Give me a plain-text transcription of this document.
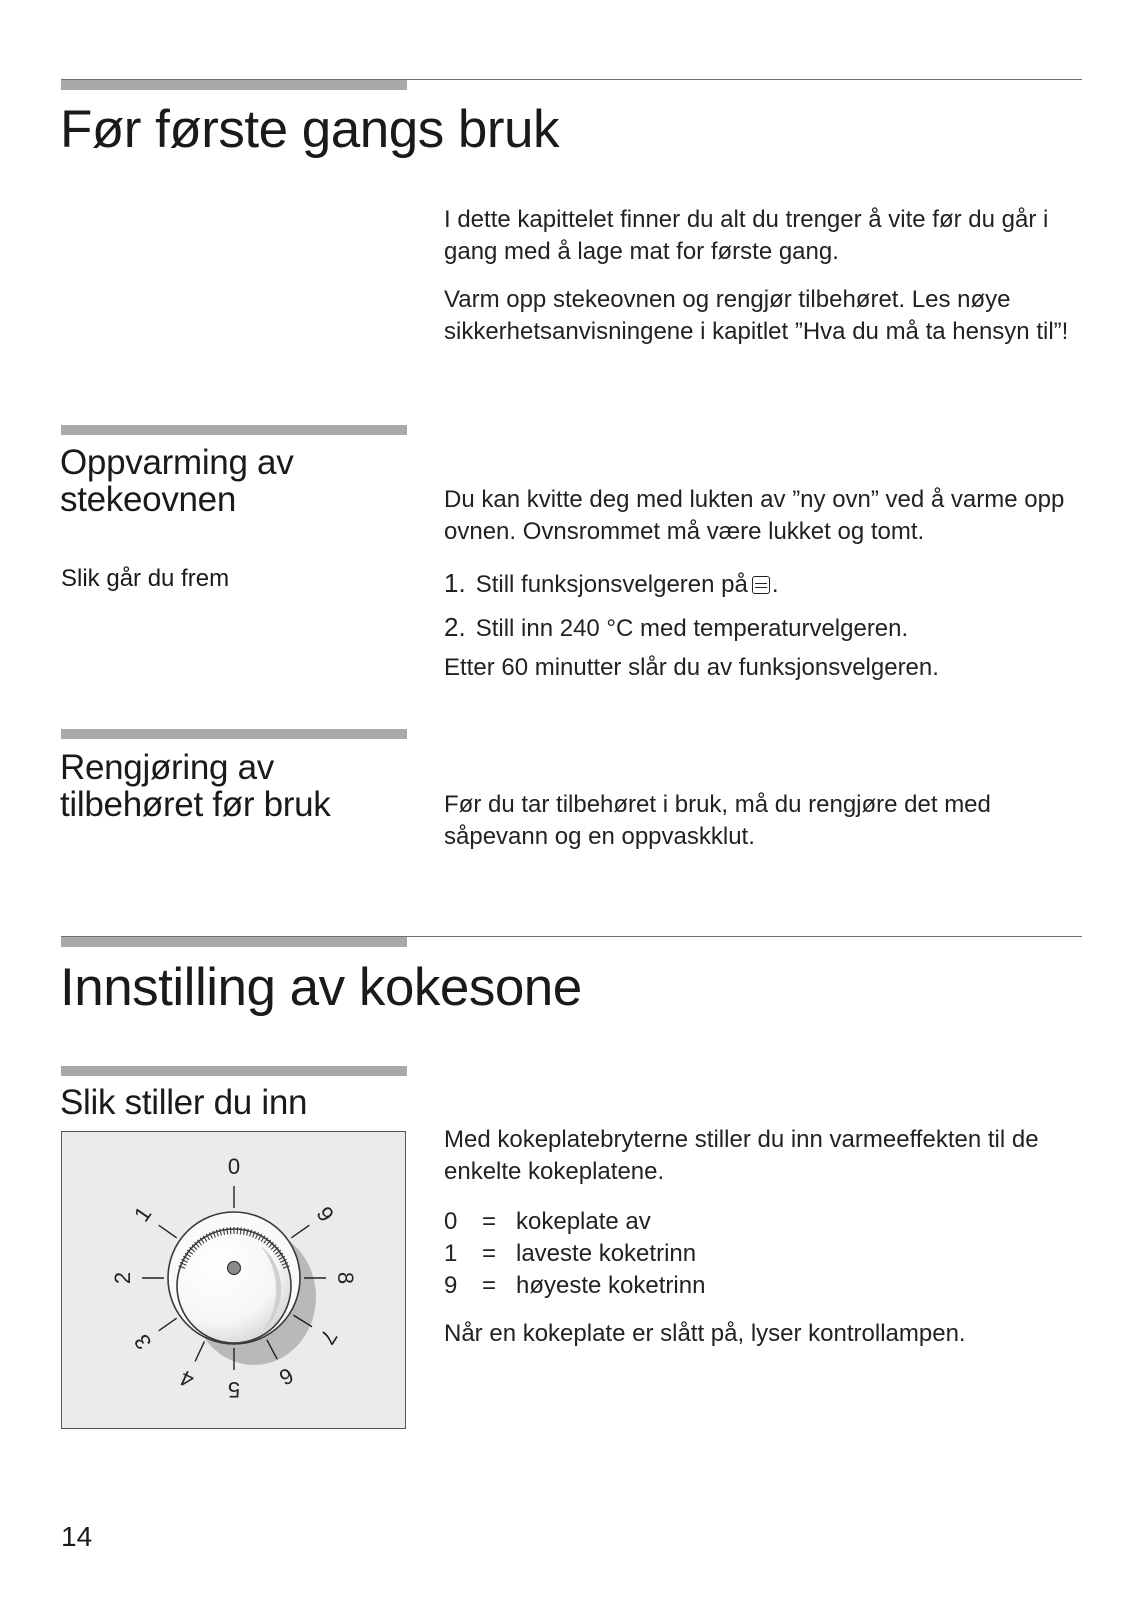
Før første gangs bruk

I dette kapittelet finner du alt du trenger å vite før du går i gang med å lage mat for første gang.

Varm opp stekeovnen og rengjør tilbehøret. Les nøye sikkerhetsanvisningene i kapitlet ”Hva du må ta hensyn til”!

Oppvarming av stekeovnen	Du kan kvitte deg med lukten av ”ny ovn” ved å varme opp ovnen. Ovnsrommet må være lukket og tomt.
Slik går du frem	1. Still funksjonsvelgeren på .
2. Still inn 240 °C med temperaturvelgeren.
Etter 60 minutter slår du av funksjonsvelgeren.
Rengjøring av tilbehøret før bruk	Før du tar tilbehøret i bruk, må du rengjøre det med såpevann og en oppvaskklut.
Innstilling av kokesone
Slik stiller du inn
Med kokeplatebryterne stiller du inn varmeeffekten til de enkelte kokeplatene.
0 = kokeplate av
1 = laveste koketrinn
9 = høyeste koketrinn
Når en kokeplate er slått på, lyser kontrollampen.
0
1
2
3
4 5 6
7
8
9
14
